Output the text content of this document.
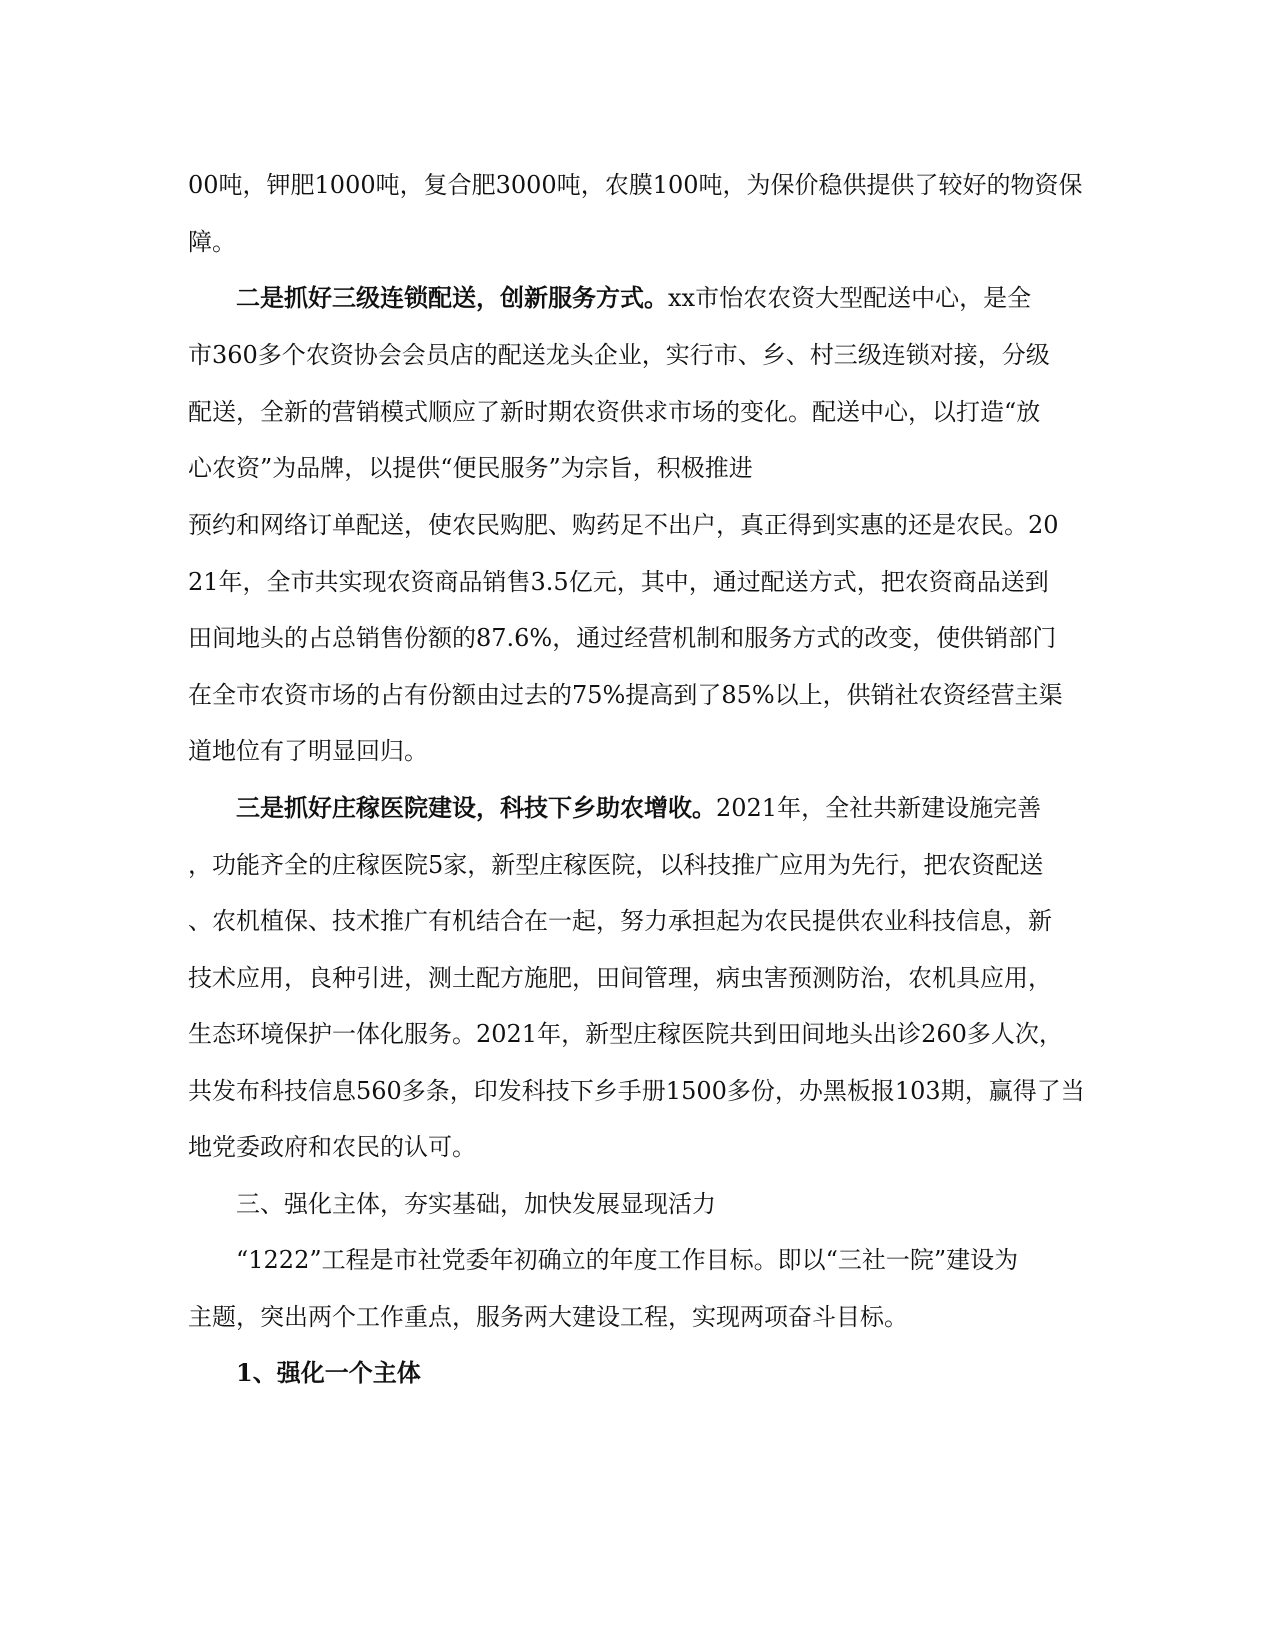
00吨，钾肥1000吨，复合肥3000吨，农膜100吨，为保价稳供提供了较好的物资保
障。
二是抓好三级连锁配送，创新服务方式。xx市怡农农资大型配送中心，是全
市360多个农资协会会员店的配送龙头企业，实行市、乡、村三级连锁对接，分级
配送，全新的营销模式顺应了新时期农资供求市场的变化。配送中心，以打造“放
心农资”为品牌，以提供“便民服务”为宗旨，积极推进
预约和网络订单配送，使农民购肥、购药足不出户，真正得到实惠的还是农民。20
21年，全市共实现农资商品销售3.5亿元，其中，通过配送方式，把农资商品送到
田间地头的占总销售份额的87.6%，通过经营机制和服务方式的改变，使供销部门
在全市农资市场的占有份额由过去的75%提高到了85%以上，供销社农资经营主渠
道地位有了明显回归。
三是抓好庄稼医院建设，科技下乡助农增收。2021年，全社共新建设施完善
，功能齐全的庄稼医院5家，新型庄稼医院，以科技推广应用为先行，把农资配送
、农机植保、技术推广有机结合在一起，努力承担起为农民提供农业科技信息，新
技术应用，良种引进，测土配方施肥，田间管理，病虫害预测防治，农机具应用，
生态环境保护一体化服务。2021年，新型庄稼医院共到田间地头出诊260多人次，
共发布科技信息560多条，印发科技下乡手册1500多份，办黑板报103期，赢得了当
地党委政府和农民的认可。
三、强化主体，夯实基础，加快发展显现活力
“1222”工程是市社党委年初确立的年度工作目标。即以“三社一院”建设为
主题，突出两个工作重点，服务两大建设工程，实现两项奋斗目标。
1、强化一个主体
